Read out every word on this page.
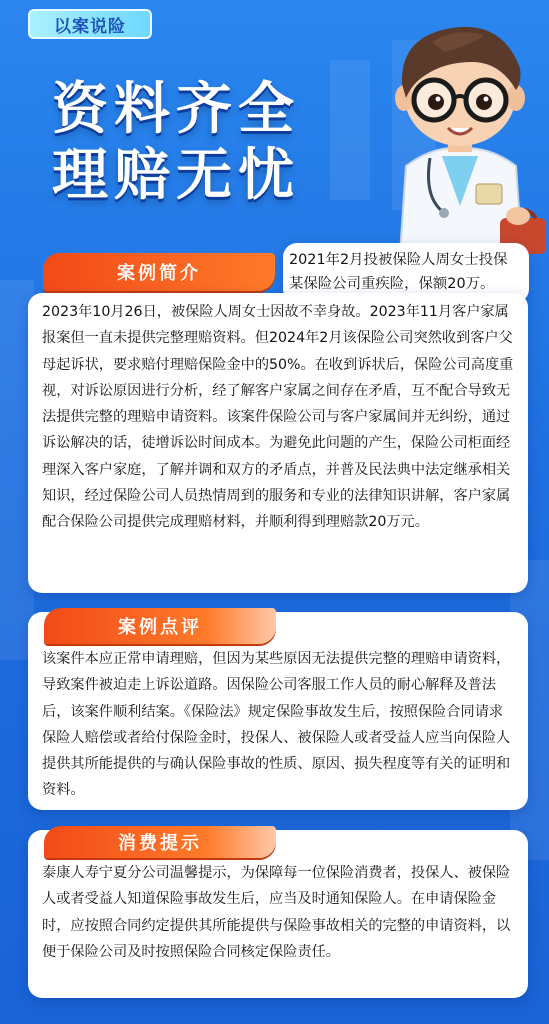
以案说险
资料齐全
理赔无忧

2021年2月投被保险人周女士投保某保险公司重疾险，保额20万。

案例简介

2023年10月26日，被保险人周女士因故不幸身故。2023年11月客户家属报案但一直未提供完整理赔资料。但2024年2月该保险公司突然收到客户父母起诉状，要求赔付理赔保险金中的50%。在收到诉状后，保险公司高度重视，对诉讼原因进行分析，经了解客户家属之间存在矛盾，互不配合导致无法提供完整的理赔申请资料。该案件保险公司与客户家属间并无纠纷，通过诉讼解决的话，徒增诉讼时间成本。为避免此问题的产生，保险公司柜面经理深入客户家庭，了解并调和双方的矛盾点，并普及民法典中法定继承相关知识，经过保险公司人员热情周到的服务和专业的法律知识讲解，客户家属配合保险公司提供完成理赔材料，并顺利得到理赔款20万元。

该案件本应正常申请理赔，但因为某些原因无法提供完整的理赔申请资料，导致案件被迫走上诉讼道路。因保险公司客服工作人员的耐心解释及普法后，该案件顺利结案。《保险法》规定保险事故发生后，按照保险合同请求保险人赔偿或者给付保险金时，投保人、被保险人或者受益人应当向保险人提供其所能提供的与确认保险事故的性质、原因、损失程度等有关的证明和资料。

案例点评

泰康人寿宁夏分公司温馨提示，为保障每一位保险消费者，投保人、被保险人或者受益人知道保险事故发生后，应当及时通知保险人。在申请保险金时，应按照合同约定提供其所能提供与保险事故相关的完整的申请资料，以便于保险公司及时按照保险合同核定保险责任。

消费提示
